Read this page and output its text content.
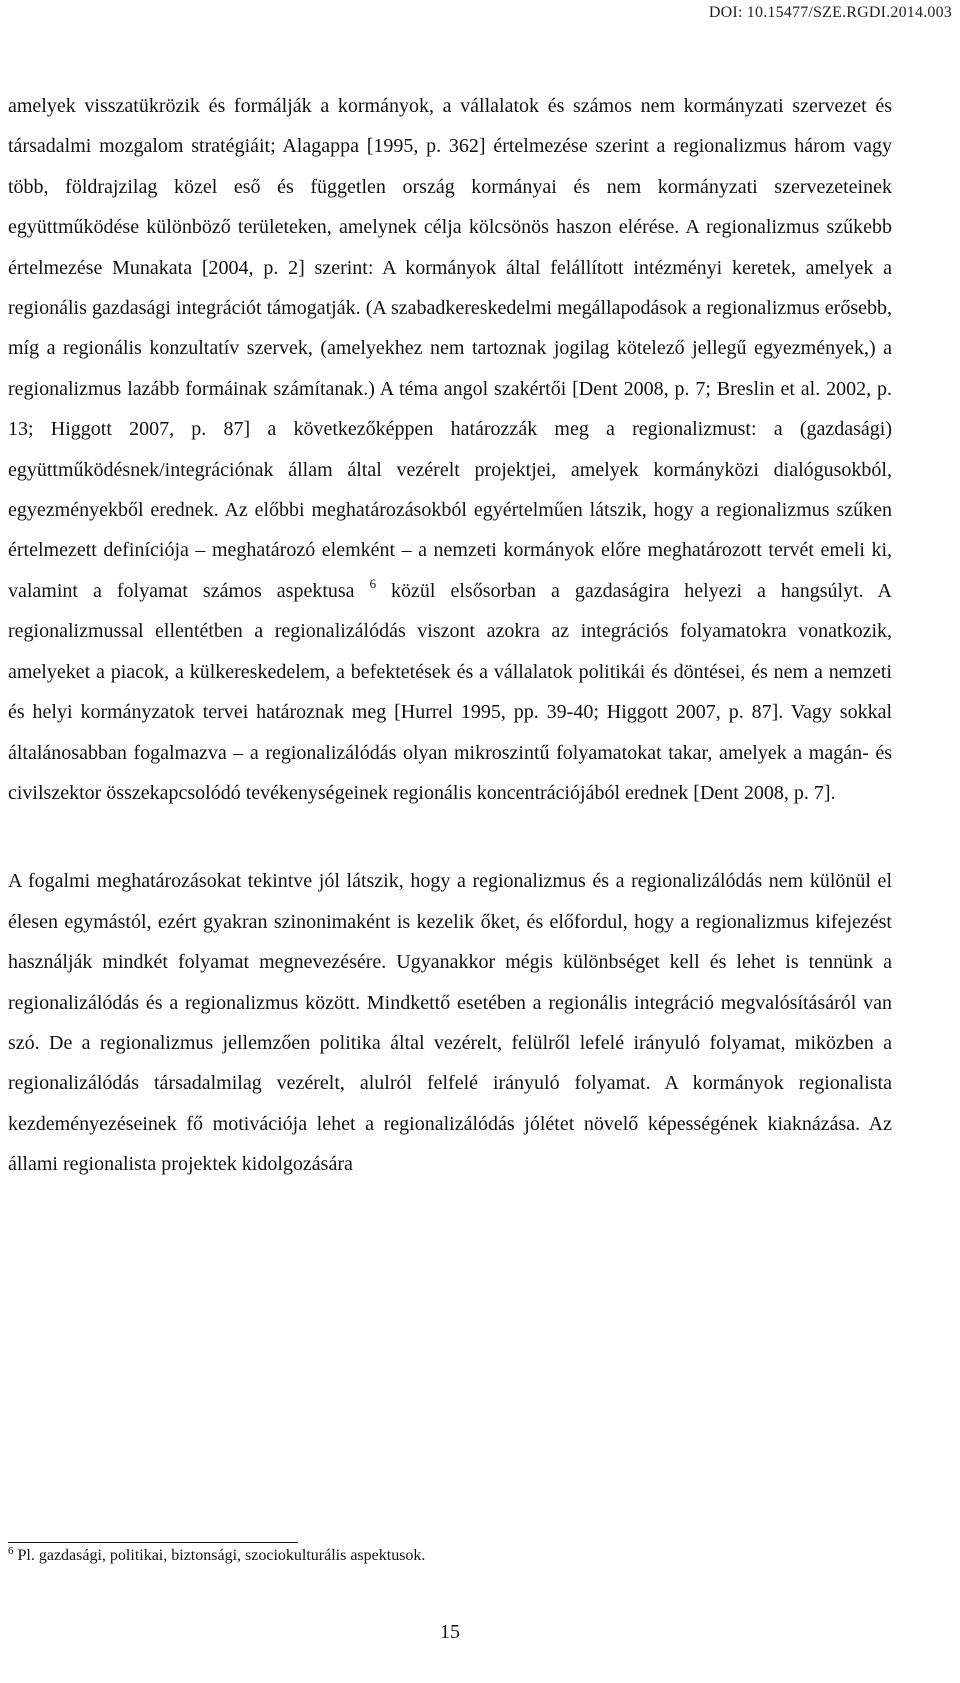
DOI: 10.15477/SZE.RGDI.2014.003

amelyek visszatükrözik és formálják a kormányok, a vállalatok és számos nem kormányzati szervezet és társadalmi mozgalom stratégiáit; Alagappa [1995, p. 362] értelmezése szerint a regionalizmus három vagy több, földrajzilag közel eső és független ország kormányai és nem kormányzati szervezeteinek együttműködése különböző területeken, amelynek célja kölcsönös haszon elérése. A regionalizmus szűkebb értelmezése Munakata [2004, p. 2] szerint: A kormányok által felállított intézményi keretek, amelyek a regionális gazdasági integrációt támogatják. (A szabadkereskedelmi megállapodások a regionalizmus erősebb, míg a regionális konzultatív szervek, (amelyekhez nem tartoznak jogilag kötelező jellegű egyezmények,) a regionalizmus lazább formáinak számítanak.) A téma angol szakértői [Dent 2008, p. 7; Breslin et al. 2002, p. 13; Higgott 2007, p. 87] a következőképpen határozzák meg a regionalizmust: a (gazdasági) együttműködésnek/integrációnak állam által vezérelt projektjei, amelyek kormányközi dialógusokból, egyezményekből erednek. Az előbbi meghatározásokból egyértelműen látszik, hogy a regionalizmus szűken értelmezett definíciója – meghatározó elemként – a nemzeti kormányok előre meghatározott tervét emeli ki, valamint a folyamat számos aspektusa $^6$ közül elsősorban a gazdaságira helyezi a hangsúlyt. A regionalizmussal ellentétben a regionalizálódás viszont azokra az integrációs folyamatokra vonatkozik, amelyeket a piacok, a külkereskedelem, a befektetések és a vállalatok politikái és döntései, és nem a nemzeti és helyi kormányzatok tervei határoznak meg [Hurrel 1995, pp. 39-40; Higgott 2007, p. 87]. Vagy sokkal általánosabban fogalmazva – a regionalizálódás olyan mikroszintű folyamatokat takar, amelyek a magán- és civilszektor összekapcsolódó tevékenységeinek regionális koncentrációjából erednek [Dent 2008, p. 7].

A fogalmi meghatározásokat tekintve jól látszik, hogy a regionalizmus és a regionalizálódás nem különül el élesen egymástól, ezért gyakran szinonimaként is kezelik őket, és előfordul, hogy a regionalizmus kifejezést használják mindkét folyamat megnevezésére. Ugyanakkor mégis különbséget kell és lehet is tennünk a regionalizálódás és a regionalizmus között. Mindkettő esetében a regionális integráció megvalósításáról van szó. De a regionalizmus jellemzően politika által vezérelt, felülről lefelé irányuló folyamat, miközben a regionalizálódás társadalmilag vezérelt, alulról felfelé irányuló folyamat. A kormányok regionalista kezdeményezéseinek fő motivációja lehet a regionalizálódás jólétet növelő képességének kiaknázása. Az állami regionalista projektek kidolgozására

$^6$ Pl. gazdasági, politikai, biztonsági, szociokulturális aspektusok.
15
